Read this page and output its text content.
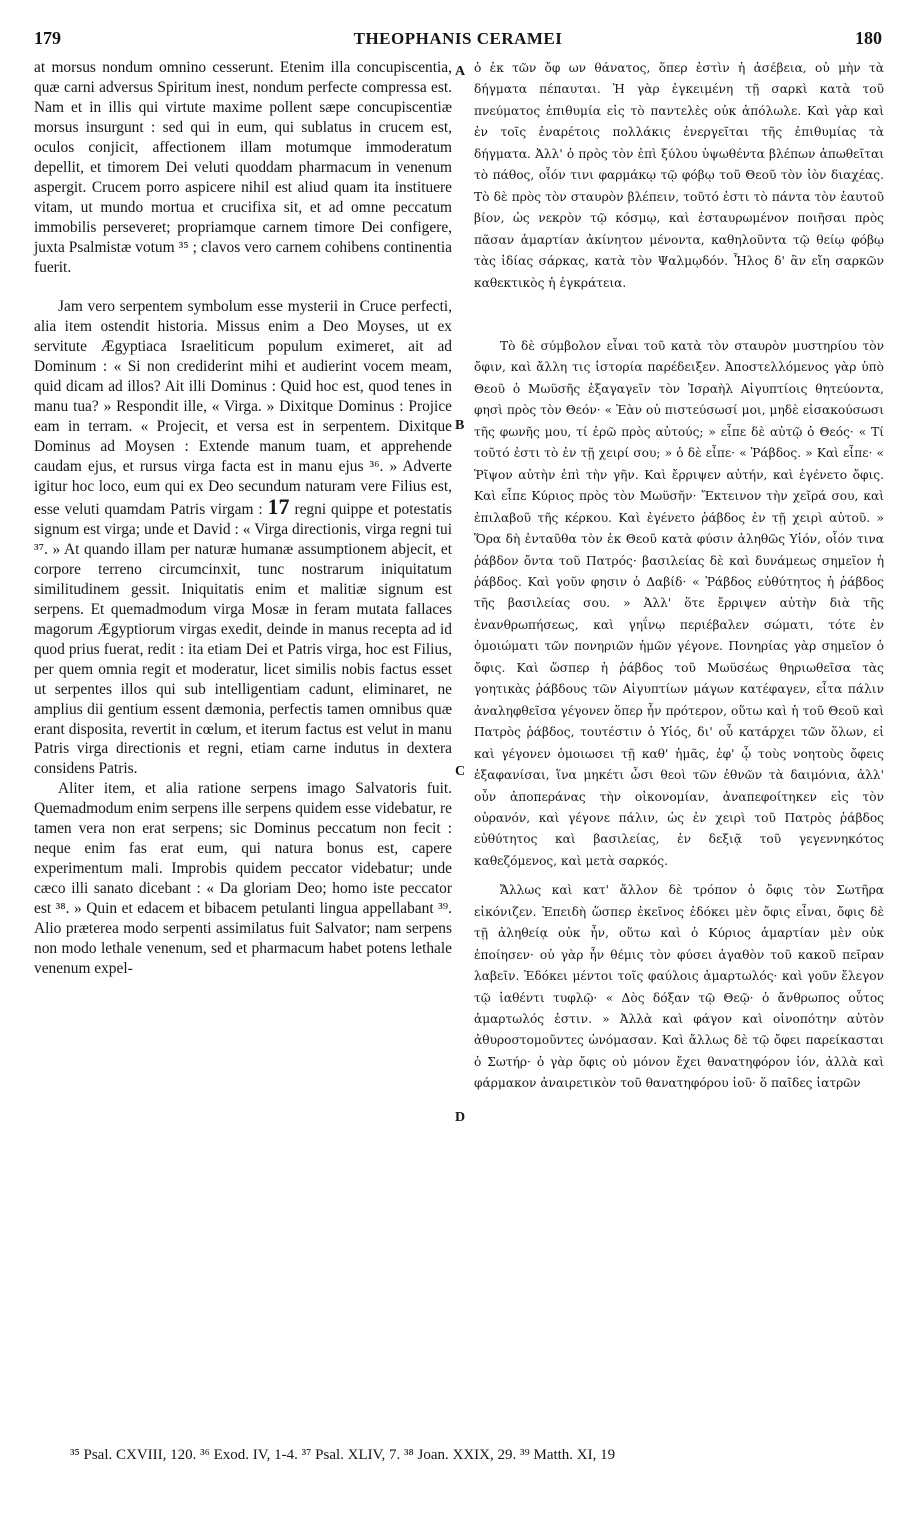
179	THEOPHANIS CERAMEI	180

at morsus nondum omnino cesserunt. Etenim illa concupiscentia, quæ carni adversus Spiritum inest, nondum perfecte compressa est. Nam et in illis qui virtute maxime pollent sæpe concupiscentiæ morsus insurgunt : sed qui in eum, qui sublatus in crucem est, oculos conjicit, affectionem illam motumque immoderatum depellit, et timorem Dei veluti quoddam pharmacum in venenum aspergit. Crucem porro aspicere nihil est aliud quam ita instituere vitam, ut mundo mortua et crucifixa sit, et ad omne peccatum immobilis perseveret; propriamque carnem timore Dei configere, juxta Psalmistæ votum ³⁵ ; clavos vero carnem cohibens continentia fuerit.

Jam vero serpentem symbolum esse mysterii in Cruce perfecti, alia item ostendit historia. Missus enim a Deo Moyses, ut ex servitute Ægyptiaca Israeliticum populum eximeret, ait ad Dominum : « Si non crediderint mihi et audierint vocem meam, quid dicam ad illos? Ait illi Dominus : Quid hoc est, quod tenes in manu tua? » Respondit ille, « Virga. » Dixitque Dominus : Projice eam in terram. « Projecit, et versa est in serpentem. Dixitque Dominus ad Moysen : Extende manum tuam, et apprehende caudam ejus, et rursus virga facta est in manu ejus ³⁶. » Adverte igitur hoc loco, eum qui ex Deo secundum naturam vere Filius est, esse veluti quamdam Patris virgam : 17 regni quippe et potestatis signum est virga; unde et David : « Virga directionis, virga regni tui ³⁷. » At quando illam per naturæ humanæ assumptionem abjecit, et corpore terreno circumcinxit, tunc nostrarum iniquitatum similitudinem gessit. Iniquitatis enim et malitiæ signum est serpens. Et quemadmodum virga Mosæ in feram mutata fallaces magorum Ægyptiorum virgas exedit, deinde in manus recepta ad id quod prius fuerat, redit : ita etiam Dei et Patris virga, hoc est Filius, per quem omnia regit et moderatur, licet similis nobis factus esset ut serpentes illos qui sub intelligentiam cadunt, eliminaret, ne amplius dii gentium essent dæmonia, perfectis tamen omnibus quæ erant disposita, revertit in cœlum, et iterum factus est velut in manu Patris virga directionis et regni, etiam carne indutus in dextera considens Patris.

Aliter item, et alia ratione serpens imago Salvatoris fuit. Quemadmodum enim serpens ille serpens quidem esse videbatur, re tamen vera non erat serpens; sic Dominus peccatum non fecit : neque enim fas erat eum, qui natura bonus est, capere experimentum mali. Improbis quidem peccator videbatur; unde cæco illi sanato dicebant : « Da gloriam Deo; homo iste peccator est ³⁸. » Quin et edacem et bibacem petulanti lingua appellabant ³⁹. Alio præterea modo serpenti assimilatus fuit Salvator; nam serpens non modo lethale venenum, sed et pharmacum habet potens lethale venenum expel-

ὁ ἐκ τῶν ὄφ ων θάνατος, ὅπερ ἐστὶν ἡ ἀσέβεια, οὐ μὴν τὰ δήγματα πέπαυται. Ἡ γὰρ ἐγκειμένη τῇ σαρκὶ κατὰ τοῦ πνεύματος ἐπιθυμία εἰς τὸ παντελὲς οὐκ ἀπόλωλε. Καὶ γὰρ καὶ ἐν τοῖς ἐναρέτοις πολλάκις ἐνεργεῖται τῆς ἐπιθυμίας τὰ δήγματα. Ἀλλ' ὁ πρὸς τὸν ἐπὶ ξύλου ὑψωθέντα βλέπων ἀπωθεῖται τὸ πάθος, οἷόν τινι φαρμάκῳ τῷ φόβῳ τοῦ Θεοῦ τὸν ἰὸν διαχέας. Τὸ δὲ πρὸς τὸν σταυρὸν βλέπειν, τοῦτό ἐστι τὸ πάντα τὸν ἑαυτοῦ βίον, ὡς νεκρὸν τῷ κόσμῳ, καὶ ἐσταυρωμένον ποιῆσαι πρὸς πᾶσαν ἁμαρτίαν ἀκίνητον μένοντα, καθηλοῦντα τῷ θείῳ φόβῳ τὰς ἰδίας σάρκας, κατὰ τὸν Ψαλμῳδόν. Ἧλος δ' ἂν εἴη σαρκῶν καθεκτικὸς ἡ ἐγκράτεια.

Τὸ δὲ σύμβολον εἶναι τοῦ κατὰ τὸν σταυρὸν μυστηρίου τὸν ὄφιν, καὶ ἄλλη τις ἱστορία παρέδειξεν. Ἀποστελλόμενος γὰρ ὑπὸ Θεοῦ ὁ Μωϋσῆς ἐξαγαγεῖν τὸν Ἰσραὴλ Αἰγυπτίοις θητεύοντα, φησὶ πρὸς τὸν Θεόν· « Ἐὰν οὐ πιστεύσωσί μοι, μηδὲ εἰσακούσωσι τῆς φωνῆς μου, τί ἐρῶ πρὸς αὐτούς; » εἶπε δὲ αὐτῷ ὁ Θεός· « Τί τοῦτό ἐστι τὸ ἐν τῇ χειρί σου; » ὁ δὲ εἶπε· « Ῥάβδος. » Καὶ εἶπε· « Ῥῖψον αὐτὴν ἐπὶ τὴν γῆν. Καὶ ἔρριψεν αὐτήν, καὶ ἐγένετο ὄφις. Καὶ εἶπε Κύριος πρὸς τὸν Μωϋσῆν· Ἔκτεινον τὴν χεῖρά σου, καὶ ἐπιλαβοῦ τῆς κέρκου. Καὶ ἐγένετο ῥάβδος ἐν τῇ χειρὶ αὐτοῦ. » Ὅρα δὴ ἐνταῦθα τὸν ἐκ Θεοῦ κατὰ φύσιν ἀληθῶς Υἱόν, οἷόν τινα ῥάβδον ὄντα τοῦ Πατρός· βασιλείας δὲ καὶ δυνάμεως σημεῖον ἡ ῥάβδος. Καὶ γοῦν φησιν ὁ Δαβίδ· « Ῥάβδος εὐθύτητος ἡ ῥάβδος τῆς βασιλείας σου. » Ἀλλ' ὅτε ἔρριψεν αὐτὴν διὰ τῆς ἐνανθρωπήσεως, καὶ γηΐνῳ περιέβαλεν σώματι, τότε ἐν ὁμοιώματι τῶν πονηριῶν ἡμῶν γέγονε. Πονηρίας γὰρ σημεῖον ὁ ὄφις. Καὶ ὥσπερ ἡ ῥάβδος τοῦ Μωϋσέως θηριωθεῖσα τὰς γοητικὰς ῥάβδους τῶν Αἰγυπτίων μάγων κατέφαγεν, εἶτα πάλιν ἀναληφθεῖσα γέγονεν ὅπερ ἦν πρότερον, οὕτω καὶ ἡ τοῦ Θεοῦ καὶ Πατρὸς ῥάβδος, τουτέστιν ὁ Υἱός, δι' οὗ κατάρχει τῶν ὅλων, εἰ καὶ γέγονεν ὁμοιωσει τῇ καθ' ἡμᾶς, ἐφ' ᾧ τοὺς νοητοὺς ὄφεις ἐξαφανίσαι, ἵνα μηκέτι ὦσι θεοὶ τῶν ἐθνῶν τὰ δαιμόνια, ἀλλ' οὖν ἀποπεράνας τὴν οἰκονομίαν, ἀναπεφοίτηκεν εἰς τὸν οὐρανόν, καὶ γέγονε πάλιν, ὡς ἐν χειρὶ τοῦ Πατρὸς ῥάβδος εὐθύτητος καὶ βασιλείας, ἐν δεξιᾷ τοῦ γεγεννηκότος καθεζόμενος, καὶ μετὰ σαρκός.

Ἄλλως καὶ κατ' ἄλλον δὲ τρόπον ὁ ὄφις τὸν Σωτῆρα εἰκόνιζεν. Ἐπειδὴ ὥσπερ ἐκεῖνος ἐδόκει μὲν ὄφις εἶναι, ὄφις δὲ τῇ ἀληθείᾳ οὐκ ἦν, οὕτω καὶ ὁ Κύριος ἁμαρτίαν μὲν οὐκ ἐποίησεν· οὐ γὰρ ἦν θέμις τὸν φύσει ἀγαθὸν τοῦ κακοῦ πεῖραν λαβεῖν. Ἐδόκει μέντοι τοῖς φαύλοις ἁμαρτωλός· καὶ γοῦν ἔλεγον τῷ ἰαθέντι τυφλῷ· « Δὸς δόξαν τῷ Θεῷ· ὁ ἄνθρωπος οὗτος ἁμαρτωλός ἐστιν. » Ἀλλὰ καὶ φάγον καὶ οἰνοπότην αὐτὸν ἀθυροστομοῦντες ὠνόμασαν. Καὶ ἄλλως δὲ τῷ ὄφει παρείκασται ὁ Σωτήρ· ὁ γὰρ ὄφις οὐ μόνον ἔχει θανατηφόρον ἰόν, ἀλλὰ καὶ φάρμακον ἀναιρετικὸν τοῦ θανατηφόρου ἰοῦ· ὅ παῖδες ἰατρῶν

A
B
C
D
³⁵ Psal. CXVIII, 120. ³⁶ Exod. IV, 1-4. ³⁷ Psal. XLIV, 7. ³⁸ Joan. XXIX, 29. ³⁹ Matth. XI, 19
